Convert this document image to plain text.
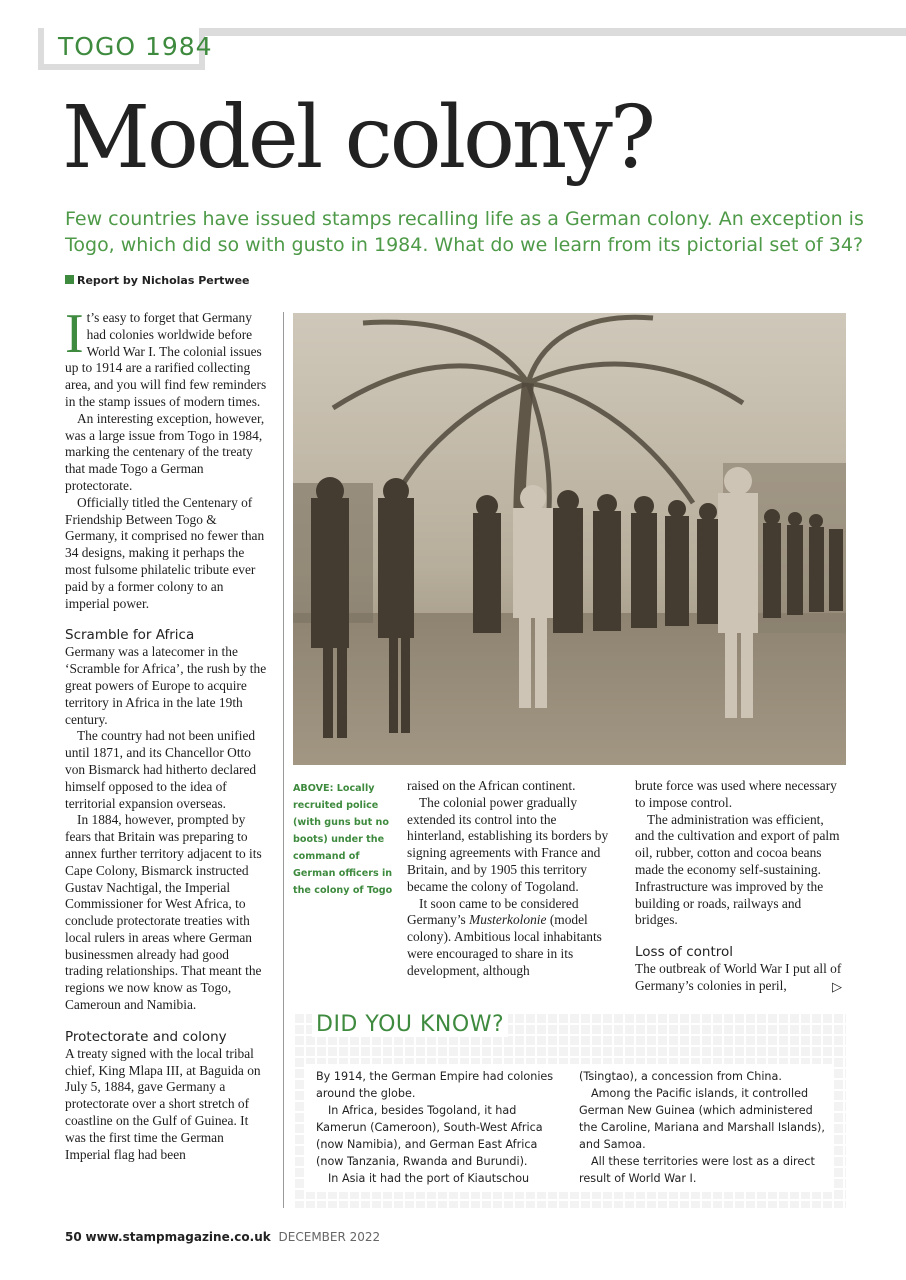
TOGO 1984
Model colony?
Few countries have issued stamps recalling life as a German colony. An exception is Togo, which did so with gusto in 1984. What do we learn from its pictorial set of 34?
Report by Nicholas Pertwee

It’s easy to forget that Germany had colonies worldwide before World War I. The colonial issues up to 1914 are a rarified collecting area, and you will find few reminders in the stamp issues of modern times.

An interesting exception, however, was a large issue from Togo in 1984, marking the centenary of the treaty that made Togo a German protectorate.

Officially titled the Centenary of Friendship Between Togo & Germany, it comprised no fewer than 34 designs, making it perhaps the most fulsome philatelic tribute ever paid by a former colony to an imperial power.

Scramble for Africa

Germany was a latecomer in the ‘Scramble for Africa’, the rush by the great powers of Europe to acquire territory in Africa in the late 19th century.

The country had not been unified until 1871, and its Chancellor Otto von Bismarck had hitherto declared himself opposed to the idea of territorial expansion overseas.

In 1884, however, prompted by fears that Britain was preparing to annex further territory adjacent to its Cape Colony, Bismarck instructed Gustav Nachtigal, the Imperial Commissioner for West Africa, to conclude protectorate treaties with local rulers in areas where German businessmen already had good trading relationships. That meant the regions we now know as Togo, Cameroun and Namibia.

Protectorate and colony

A treaty signed with the local tribal chief, King Mlapa III, at Baguida on July 5, 1884, gave Germany a protectorate over a short stretch of coastline on the Gulf of Guinea. It was the first time the German Imperial flag had been

ABOVE: Locally recruited police (with guns but no boots) under the command of German officers in the colony of Togo

raised on the African continent.

The colonial power gradually extended its control into the hinterland, establishing its borders by signing agreements with France and Britain, and by 1905 this territory became the colony of Togoland.

It soon came to be considered Germany’s Musterkolonie (model colony). Ambitious local inhabitants were encouraged to share in its development, although

brute force was used where necessary to impose control.

The administration was efficient, and the cultivation and export of palm oil, rubber, cotton and cocoa beans made the economy self-sustaining. Infrastructure was improved by the building or roads, railways and bridges.

Loss of control

The outbreak of World War I put all of Germany’s colonies in peril,	▷
DID YOU KNOW?

By 1914, the German Empire had colonies around the globe.

In Africa, besides Togoland, it had Kamerun (Cameroon), South-West Africa (now Namibia), and German East Africa (now Tanzania, Rwanda and Burundi).

In Asia it had the port of Kiautschou

(Tsingtao), a concession from China.

Among the Pacific islands, it controlled German New Guinea (which administered the Caroline, Mariana and Marshall Islands), and Samoa.

All these territories were lost as a direct result of World War I.

50 www.stampmagazine.co.uk DECEMBER 2022
